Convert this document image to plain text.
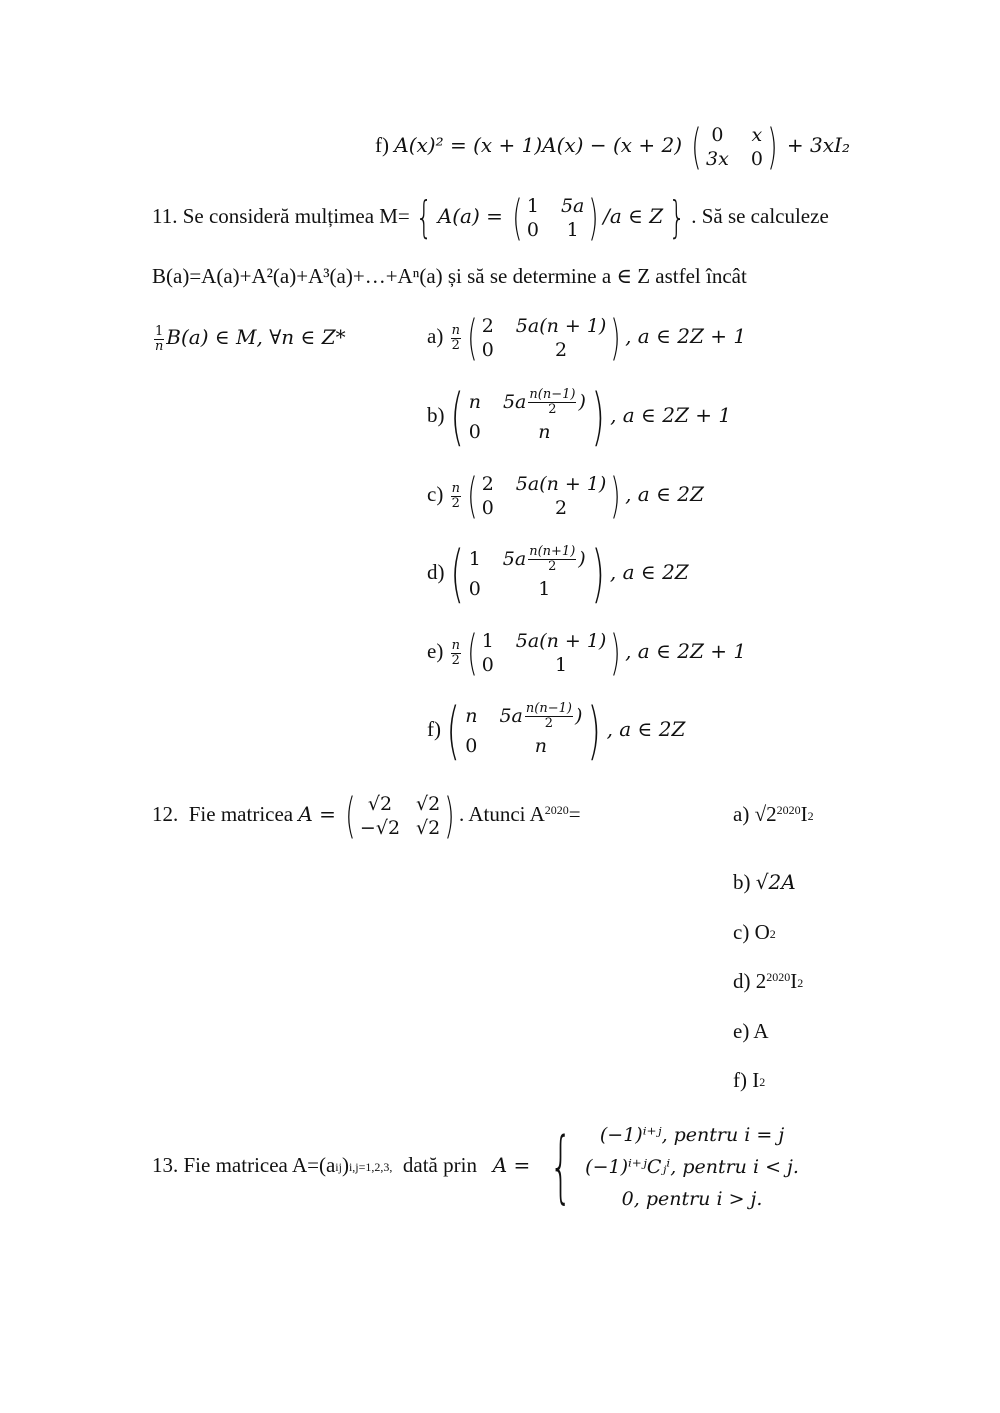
f) A(x)² = (x + 1)A(x) − (x + 2) ( 0 x
3x 0 ) + 3xI₂
11. Se consideră mulțimea M= { A(a) = ( 1 5a
0 1 ) /a ∈ Z } . Să se calculeze
B(a)=A(a)+A²(a)+A³(a)+…+Aⁿ(a) și să se determine a ∈ Z astfel încât
$\frac{1}{n} B(a)$ ∈ M, ∀n ∈ Z*	$a) \frac{n}{2}$ ( 2 5a(n + 1)
0	2 ) , a ∈ 2Z + 1
b)( n $5a \frac{n(n-1)}{2}$ )
0	n ) , a ∈ 2Z + 1
$c) \frac{n}{2}$ ( 2 5a(n + 1)
0	2 ) , a ∈ 2Z
d)( 1 $5a \frac{n(n+1)}{2}$ )
0	1 ) , a ∈ 2Z
$e) \frac{n}{2}$ ( 1 5a(n + 1)
0	1 ) , a ∈ 2Z + 1
f)( n $5a \frac{n(n-1)}{2}$ )
0	n ) , a ∈ 2Z
12. Fie matricea A = ( √2	√2
−√2 √2 ) . Atunci $A^{2020}=$	a) $√2^{2020}I_2$
b) √2A
c) $O_2$
d) $2^{2020}I_2$
e) A
f) $I_2$
13. Fie matricea $A=(a_{ij})_{i,j=1,2,3,}$ dată prin A = {	(−1)ⁱ⁺ʲ, pentru i = j
(−1)ⁱ⁺ʲCⱼⁱ, pentru i < j.
0, pentru i > j.
